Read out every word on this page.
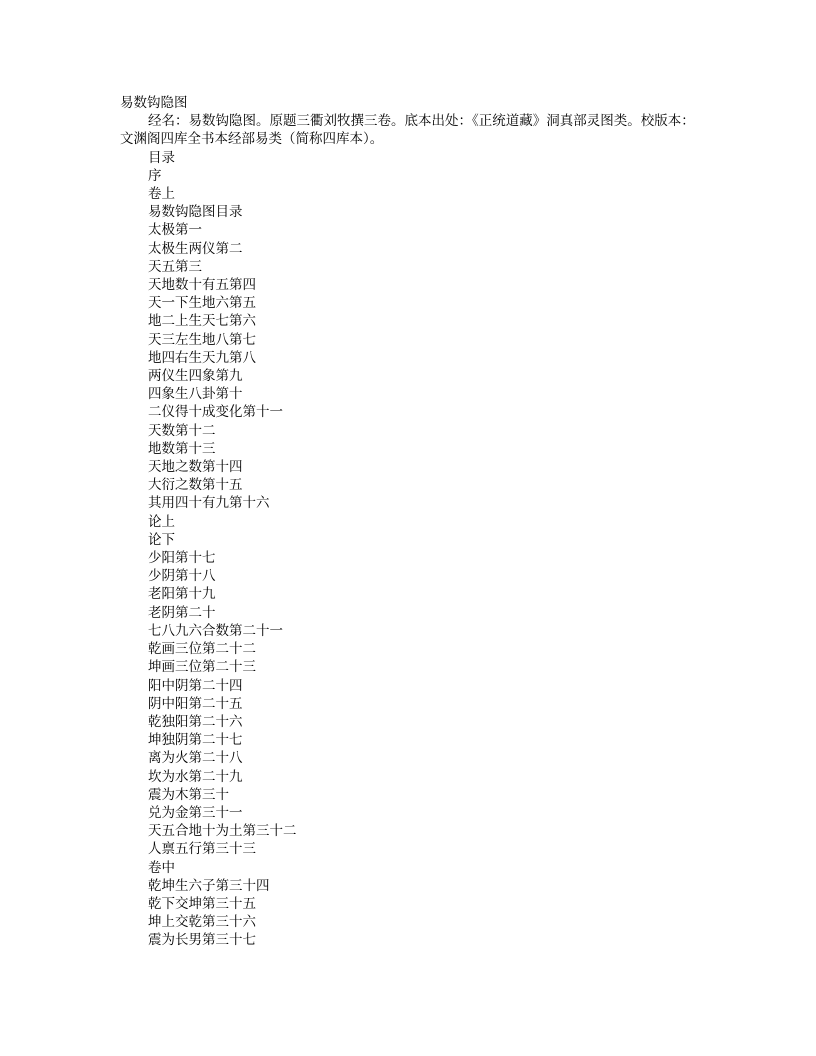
易数钩隐图

经名：易数钩隐图。原题三衢刘牧撰三卷。底本出处：《正统道藏》洞真部灵图类。校版本：文渊阁四库全书本经部易类（简称四库本）。

目录
序
卷上
易数钩隐图目录
太极第一
太极生两仪第二
天五第三
天地数十有五第四
天一下生地六第五
地二上生天七第六
天三左生地八第七
地四右生天九第八
两仪生四象第九
四象生八卦第十
二仪得十成变化第十一
天数第十二
地数第十三
天地之数第十四
大衍之数第十五
其用四十有九第十六
论上
论下
少阳第十七
少阴第十八
老阳第十九
老阴第二十
七八九六合数第二十一
乾画三位第二十二
坤画三位第二十三
阳中阴第二十四
阴中阳第二十五
乾独阳第二十六
坤独阴第二十七
离为火第二十八
坎为水第二十九
震为木第三十
兑为金第三十一
天五合地十为土第三十二
人禀五行第三十三
卷中
乾坤生六子第三十四
乾下交坤第三十五
坤上交乾第三十六
震为长男第三十七
